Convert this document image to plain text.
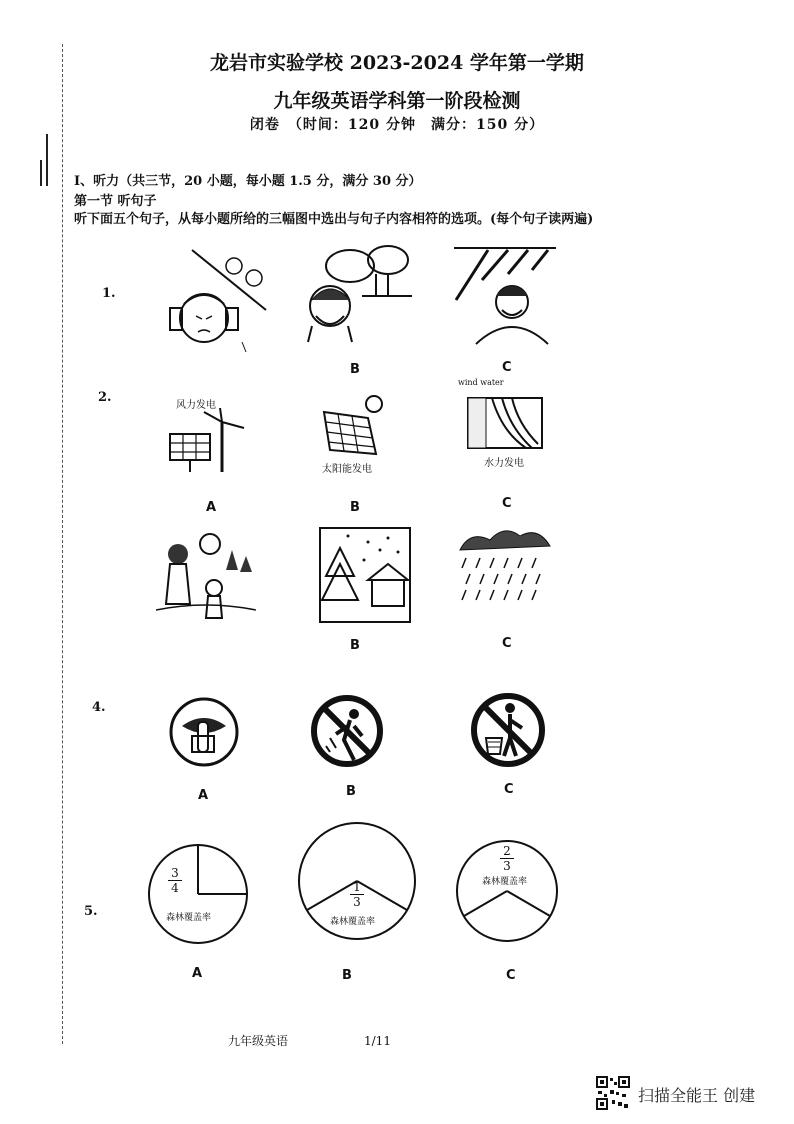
龙岩市实验学校 2023-2024 学年第一学期
九年级英语学科第一阶段检测
闭卷　（时间：120 分钟　满分：150 分）
Ⅰ、听力（共三节，20 小题，每小题 1.5 分，满分 30 分）
第一节 听句子
听下面五个句子，从每小题所给的三幅图中选出与句子内容相符的选项。(每个句子读两遍)
1.
B	C
2.
风力发电
太阳能发电
wind water
水力发电
A	B	C
B	C
4.
A	B	C
5.
$\frac{3}{4}$
森林覆盖率
$\frac{1}{3}$
森林覆盖率
$\frac{2}{3}$
森林覆盖率
A	B	C
九年级英语	1/11
扫描全能王 创建
